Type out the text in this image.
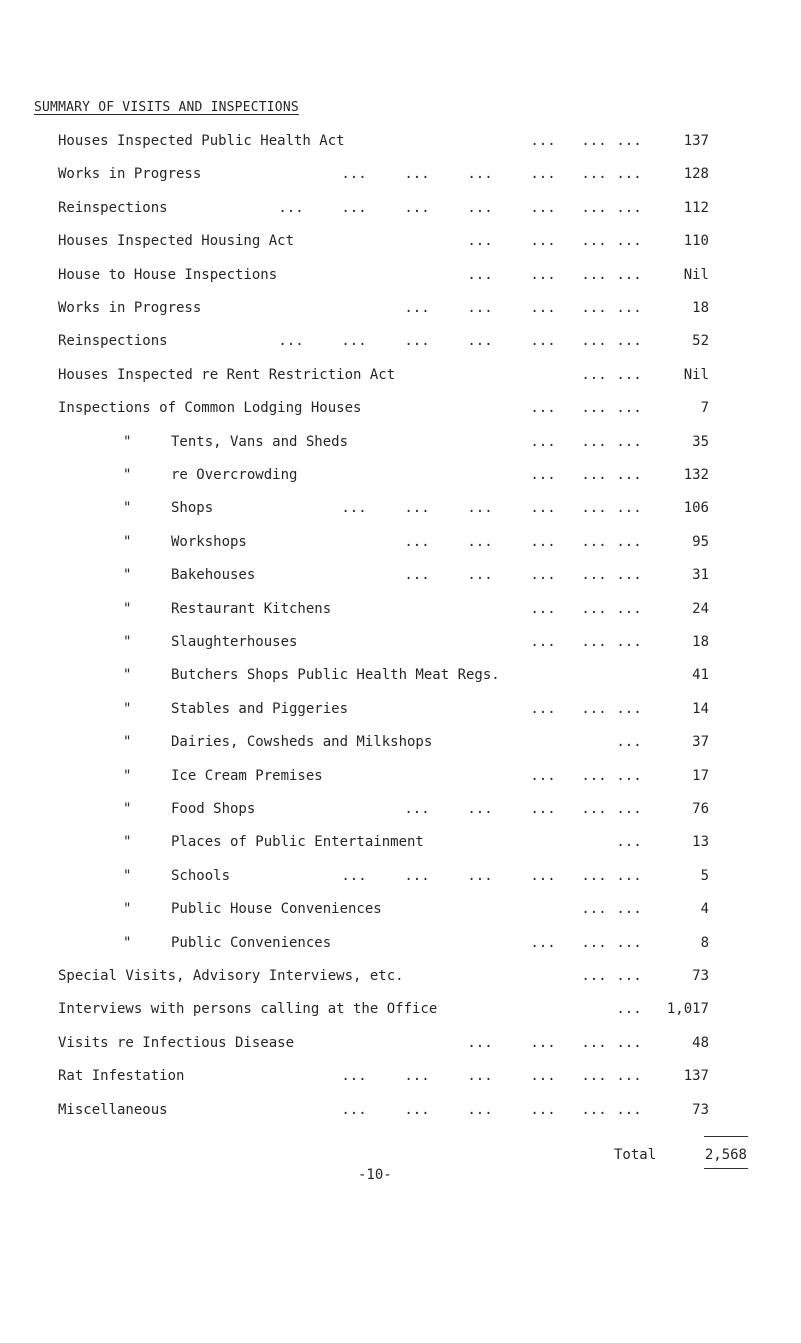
SUMMARY OF VISITS AND INSPECTIONS
Houses Inspected Public Health Act	... ... ...	137
Works in Progress	...	...	...	... ... ...	128
Reinspections	...	...	...	...	... ... ...	112
Houses Inspected Housing Act	...	... ... ...	110
House to House Inspections	...	... ... ...	Nil
Works in Progress	...	...	... ... ...	18
Reinspections	...	...	...	...	... ... ...	52
Houses Inspected re Rent Restriction Act	... ...	Nil
Inspections of Common Lodging Houses	... ... ...	7
"	Tents, Vans and Sheds	... ... ...	35
"	re Overcrowding	... ... ...	132
"	Shops	...	...	...	... ... ...	106
"	Workshops	...	...	... ... ...	95
"	Bakehouses	...	...	... ... ...	31
"	Restaurant Kitchens	... ... ...	24
"	Slaughterhouses	... ... ...	18
"	Butchers Shops Public Health Meat Regs.	41
"	Stables and Piggeries	... ... ...	14
"	Dairies, Cowsheds and Milkshops	...	37
"	Ice Cream Premises	... ... ...	17
"	Food Shops	...	...	... ... ...	76
"	Places of Public Entertainment	...	13
"	Schools	...	...	...	... ... ...	5
"	Public House Conveniences	... ...	4
"	Public Conveniences	... ... ...	8
Special Visits, Advisory Interviews, etc.	... ...	73
Interviews with persons calling at the Office	... 1,017
Visits re Infectious Disease	...	... ... ...	48
Rat Infestation	...	...	...	... ... ...	137
Miscellaneous	...	...	...	... ... ...	73
Total	2,568
-10-
